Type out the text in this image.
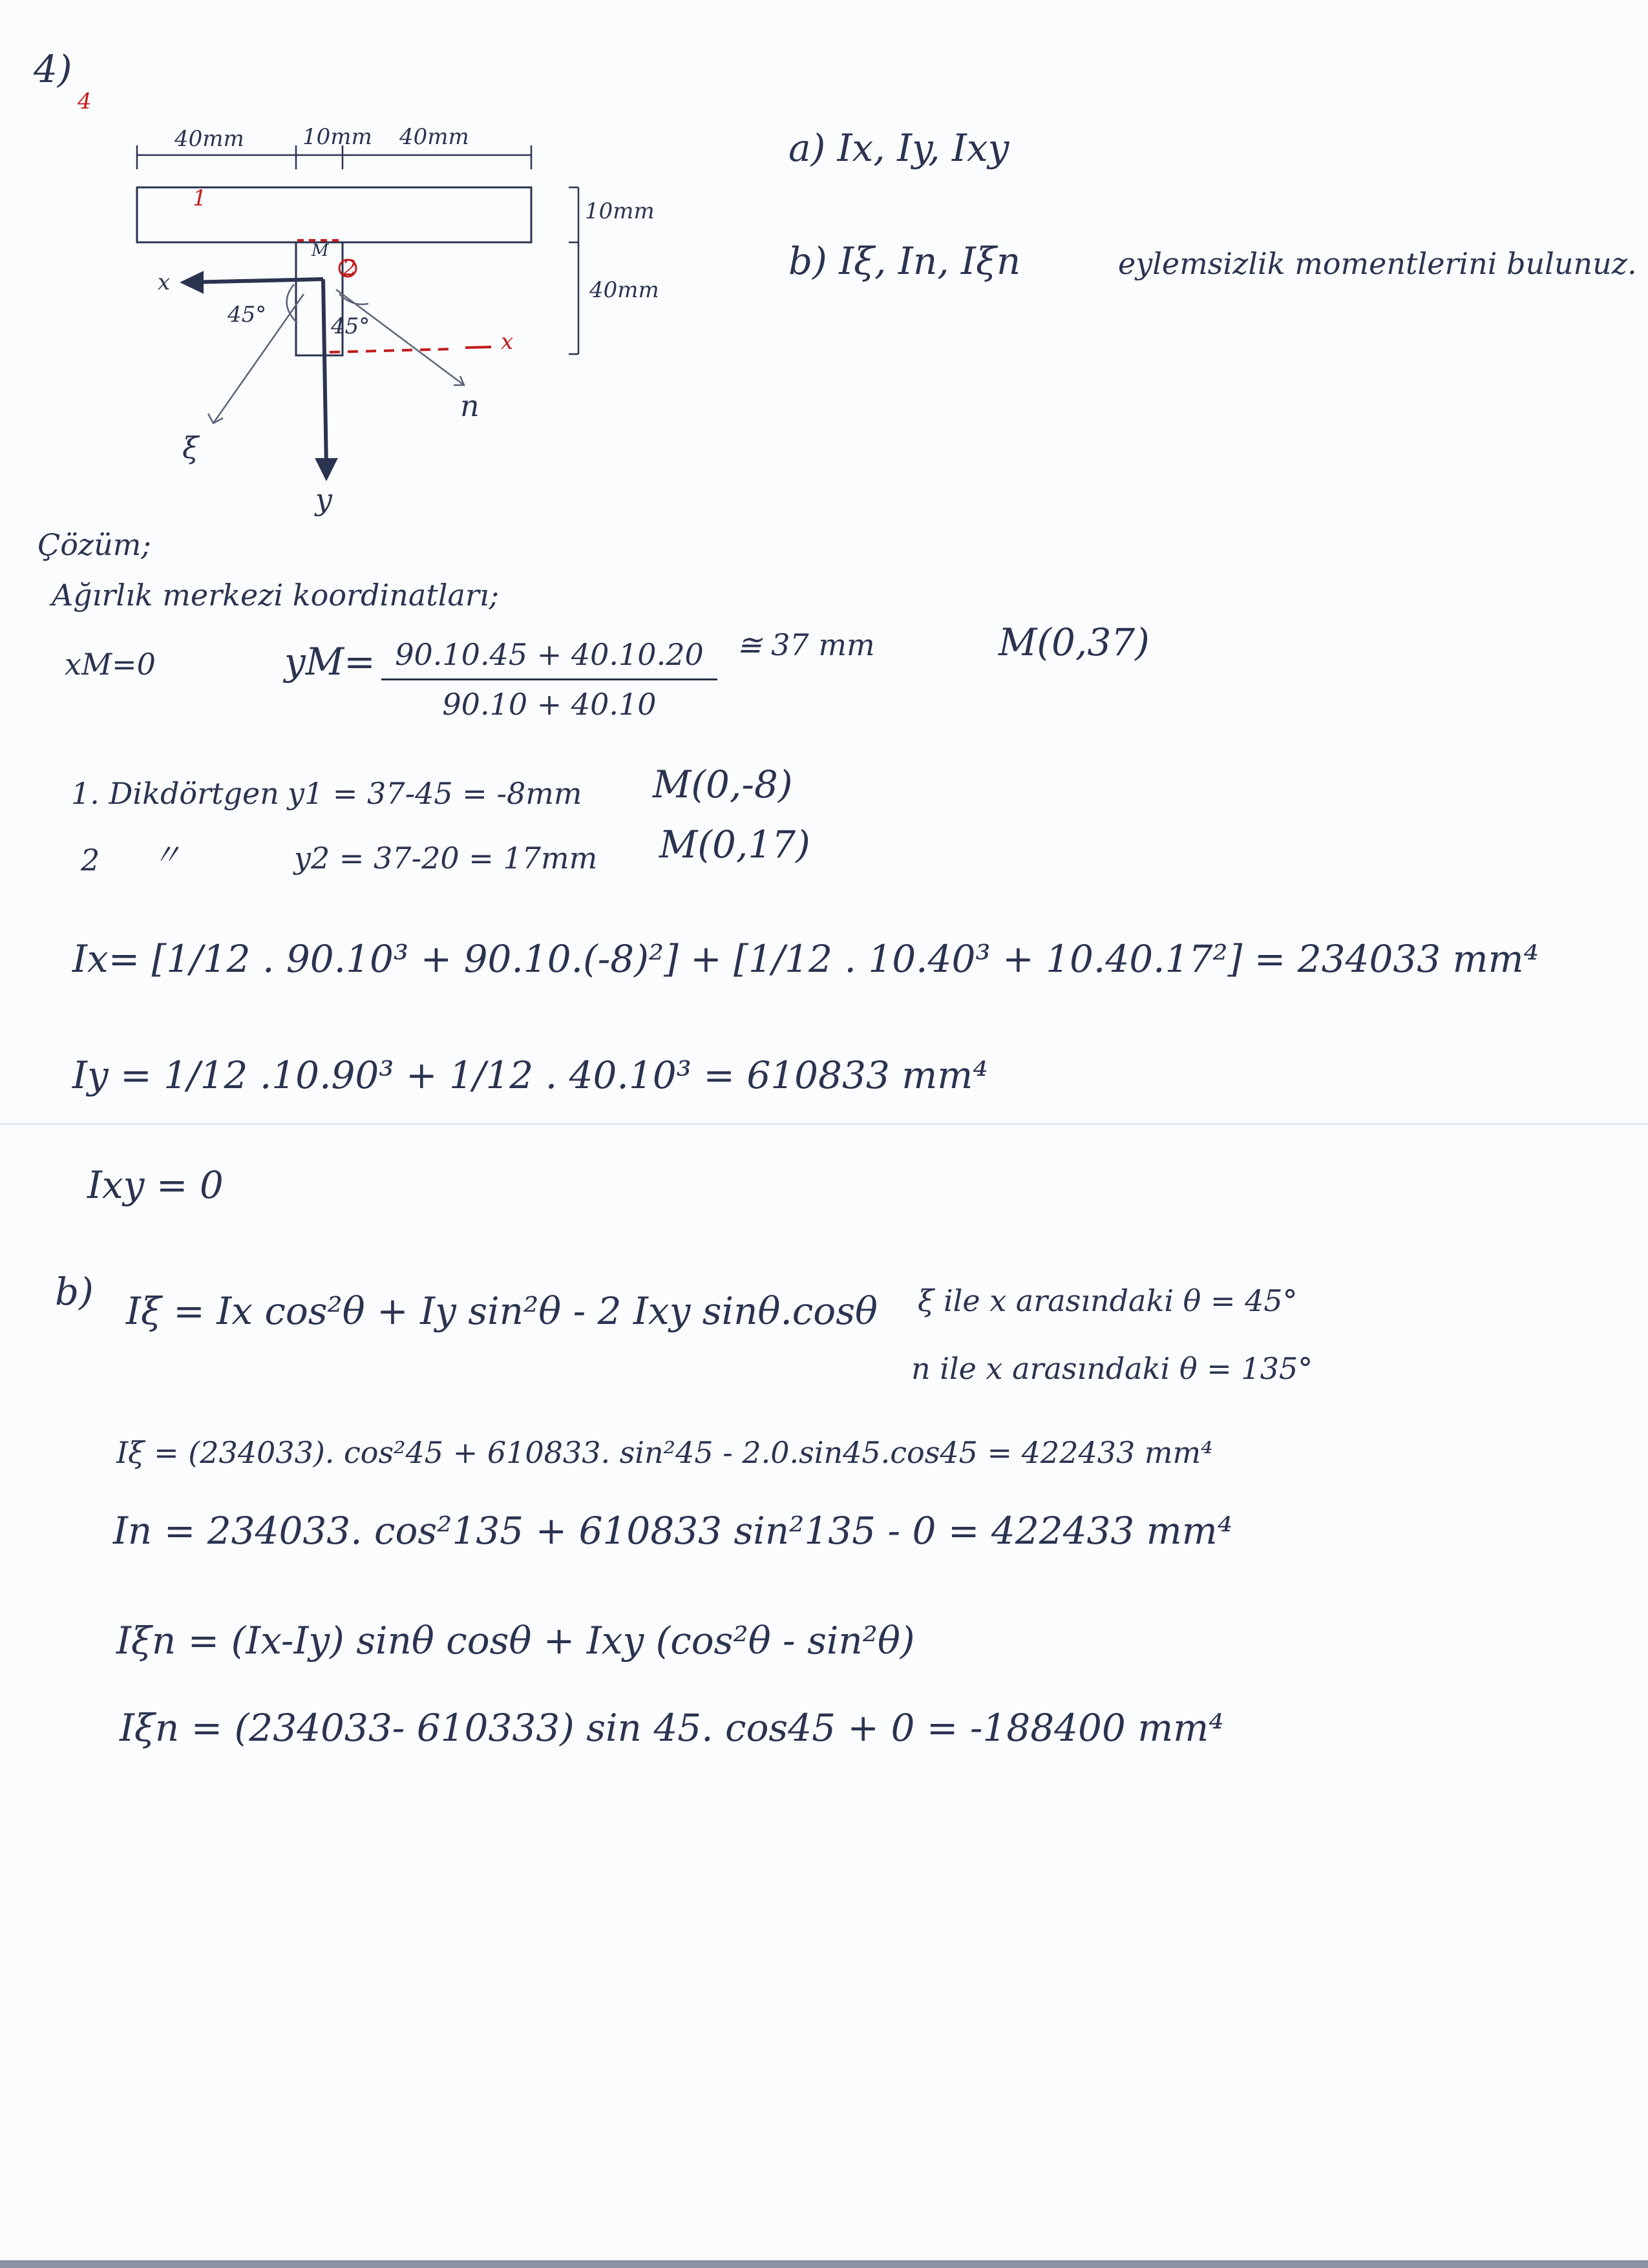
4)
4
40mm	10mm 40mm
10mm
40mm
1
2
M
x
x
y
ξ
n
45°	45°
a) Ix, Iy, Ixy
b) Iξ, In, Iξn	eylemsizlik momentlerini bulunuz.
Çözüm;
Ağırlık merkezi koordinatları;
xM=0	yM= 90.10.45 + 40.10.20
90.10 + 40.10
≅ 37 mm	M(0,37)
1. Dikdörtgen y1 = 37-45 = -8mm M(0,-8)
2 〃	y2 = 37-20 = 17mm M(0,17)
Ix= [1/12 . 90.10³ + 90.10.(-8)²] + [1/12 . 10.40³ + 10.40.17²] = 234033 mm⁴
Iy = 1/12 .10.90³ + 1/12 . 40.10³ = 610833 mm⁴
Ixy = 0
b) Iξ = Ix cos²θ + Iy sin²θ - 2 Ixy sinθ.cosθ ξ ile x arasındaki θ = 45°
n ile x arasındaki θ = 135°
Iξ = (234033). cos²45 + 610833. sin²45 - 2.0.sin45.cos45 = 422433 mm⁴
In = 234033. cos²135 + 610833 sin²135 - 0 = 422433 mm⁴
Iξn = (Ix-Iy) sinθ cosθ + Ixy (cos²θ - sin²θ)
Iξn = (234033- 610333) sin 45. cos45 + 0 = -188400 mm⁴
